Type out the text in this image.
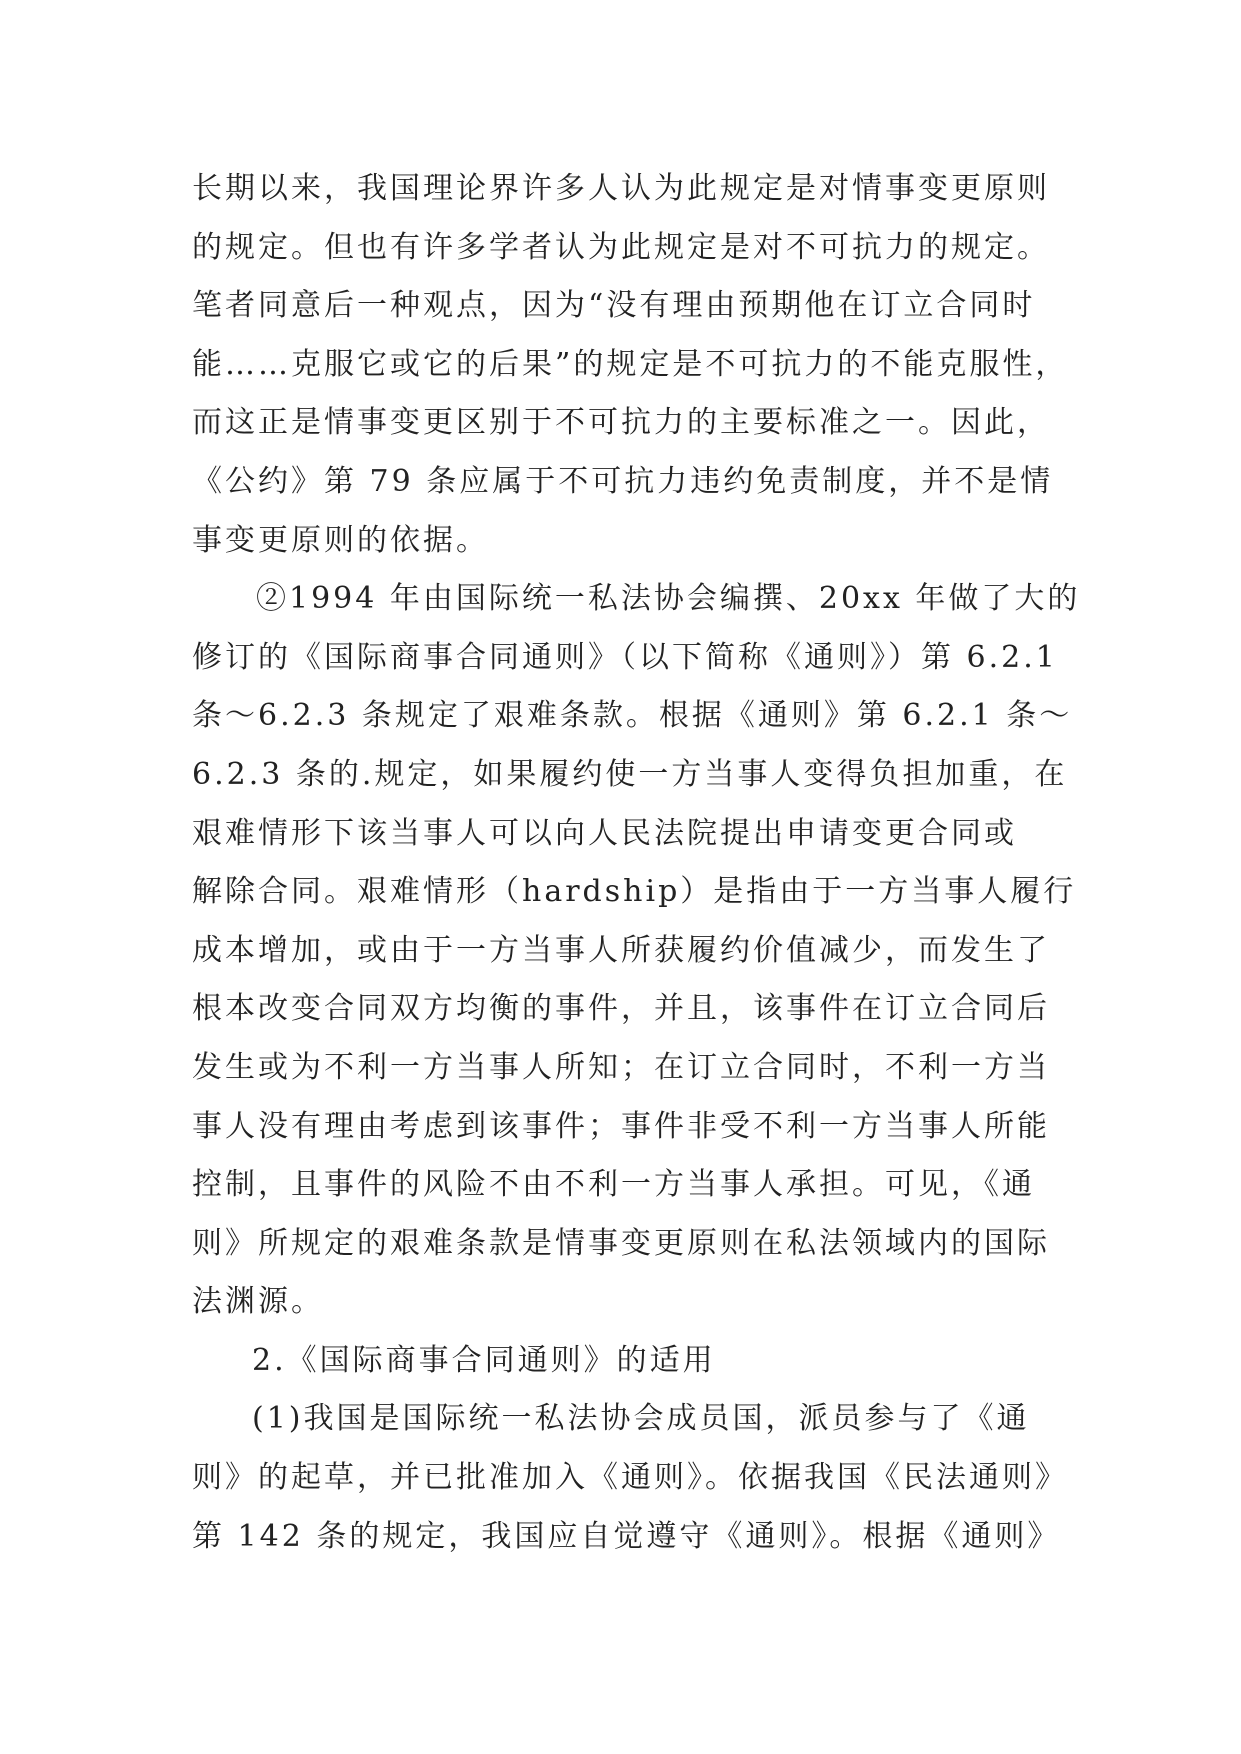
长期以来，我国理论界许多人认为此规定是对情事变更原则
的规定。但也有许多学者认为此规定是对不可抗力的规定。
笔者同意后一种观点，因为“没有理由预期他在订立合同时
能……克服它或它的后果”的规定是不可抗力的不能克服性，
而这正是情事变更区别于不可抗力的主要标准之一。因此，
《公约》第 79 条应属于不可抗力违约免责制度，并不是情
事变更原则的依据。
②1994 年由国际统一私法协会编撰、20xx 年做了大的
修订的《国际商事合同通则》（以下简称《通则》）第 6.2.1
条～6.2.3 条规定了艰难条款。根据《通则》第 6.2.1 条～
6.2.3 条的.规定，如果履约使一方当事人变得负担加重，在
艰难情形下该当事人可以向人民法院提出申请变更合同或
解除合同。艰难情形（hardship）是指由于一方当事人履行
成本增加，或由于一方当事人所获履约价值减少，而发生了
根本改变合同双方均衡的事件，并且，该事件在订立合同后
发生或为不利一方当事人所知；在订立合同时，不利一方当
事人没有理由考虑到该事件；事件非受不利一方当事人所能
控制，且事件的风险不由不利一方当事人承担。可见，《通
则》所规定的艰难条款是情事变更原则在私法领域内的国际
法渊源。
2.《国际商事合同通则》的适用
(1)我国是国际统一私法协会成员国，派员参与了《通
则》的起草，并已批准加入《通则》。依据我国《民法通则》
第 142 条的规定，我国应自觉遵守《通则》。根据《通则》
